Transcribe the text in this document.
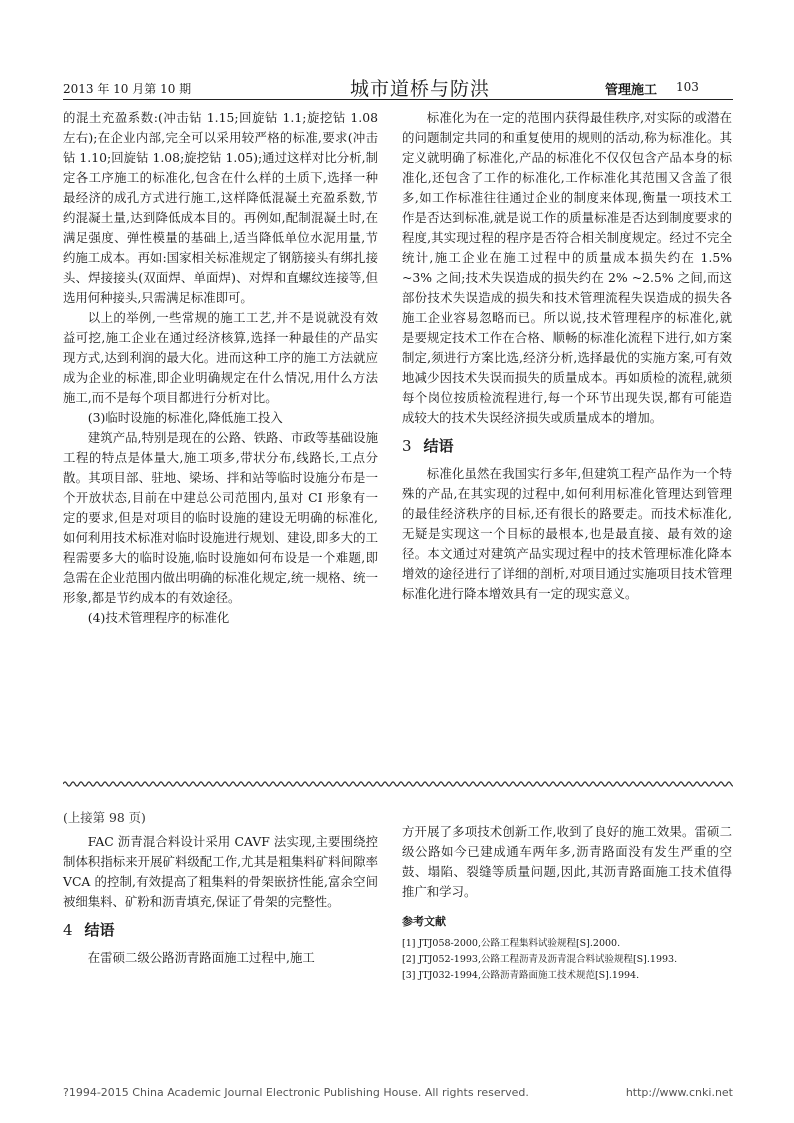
2013 年 10 月第 10 期	城市道桥与防洪	管理施工 103

的混土充盈系数:(冲击钻 1.15;回旋钻 1.1;旋挖钻 1.08 左右);在企业内部,完全可以采用较严格的标准,要求(冲击钻 1.10;回旋钻 1.08;旋挖钻 1.05);通过这样对比分析,制定各工序施工的标准化,包含在什么样的土质下,选择一种最经济的成孔方式进行施工,这样降低混凝土充盈系数,节约混凝土量,达到降低成本目的。再例如,配制混凝土时,在满足强度、弹性模量的基础上,适当降低单位水泥用量,节约施工成本。再如:国家相关标准规定了钢筋接头有绑扎接头、焊接接头(双面焊、单面焊)、对焊和直螺纹连接等,但选用何种接头,只需满足标准即可。

以上的举例,一些常规的施工工艺,并不是说就没有效益可挖,施工企业在通过经济核算,选择一种最佳的产品实现方式,达到利润的最大化。进而这种工序的施工方法就应成为企业的标准,即企业明确规定在什么情况,用什么方法施工,而不是每个项目都进行分析对比。

(3)临时设施的标准化,降低施工投入

建筑产品,特别是现在的公路、铁路、市政等基础设施工程的特点是体量大,施工项多,带状分布,线路长,工点分散。其项目部、驻地、梁场、拌和站等临时设施分布是一个开放状态,目前在中建总公司范围内,虽对 CI 形象有一定的要求,但是对项目的临时设施的建设无明确的标准化,如何利用技术标准对临时设施进行规划、建设,即多大的工程需要多大的临时设施,临时设施如何布设是一个难题,即急需在企业范围内做出明确的标准化规定,统一规格、统一形象,都是节约成本的有效途径。

(4)技术管理程序的标准化

标准化为在一定的范围内获得最佳秩序,对实际的或潜在的问题制定共同的和重复使用的规则的活动,称为标准化。其定义就明确了标准化,产品的标准化不仅仅包含产品本身的标准化,还包含了工作的标准化,工作标准化其范围又含盖了很多,如工作标准往往通过企业的制度来体现,衡量一项技术工作是否达到标准,就是说工作的质量标准是否达到制度要求的程度,其实现过程的程序是否符合相关制度规定。经过不完全统计,施工企业在施工过程中的质量成本损失约在 1.5% ~3% 之间;技术失误造成的损失约在 2% ~2.5% 之间,而这部份技术失误造成的损失和技术管理流程失误造成的损失各施工企业容易忽略而已。所以说,技术管理程序的标准化,就是要规定技术工作在合格、顺畅的标准化流程下进行,如方案制定,须进行方案比选,经济分析,选择最优的实施方案,可有效地减少因技术失误而损失的质量成本。再如质检的流程,就须每个岗位按质检流程进行,每一个环节出现失误,都有可能造成较大的技术失误经济损失或质量成本的增加。

3 结语

标准化虽然在我国实行多年,但建筑工程产品作为一个特殊的产品,在其实现的过程中,如何利用标准化管理达到管理的最佳经济秩序的目标,还有很长的路要走。而技术标准化,无疑是实现这一个目标的最根本,也是最直接、最有效的途径。本文通过对建筑产品实现过程中的技术管理标准化降本增效的途径进行了详细的剖析,对项目通过实施项目技术管理标准化进行降本增效具有一定的现实意义。

(上接第 98 页)

FAC 沥青混合料设计采用 CAVF 法实现,主要围绕控制体积指标来开展矿料级配工作,尤其是粗集料矿料间隙率 VCA 的控制,有效提高了粗集料的骨架嵌挤性能,富余空间被细集料、矿粉和沥青填充,保证了骨架的完整性。

4 结语

在雷硕二级公路沥青路面施工过程中,施工

方开展了多项技术创新工作,收到了良好的施工效果。雷硕二级公路如今已建成通车两年多,沥青路面没有发生严重的空鼓、塌陷、裂缝等质量问题,因此,其沥青路面施工技术值得推广和学习。

参考文献

[1] JTJ058-2000,公路工程集料试验规程[S].2000.

[2] JTJ052-1993,公路工程沥青及沥青混合料试验规程[S].1993.

[3] JTJ032-1994,公路沥青路面施工技术规范[S].1994.

?1994-2015 China Academic Journal Electronic Publishing House. All rights reserved.	http://www.cnki.net
